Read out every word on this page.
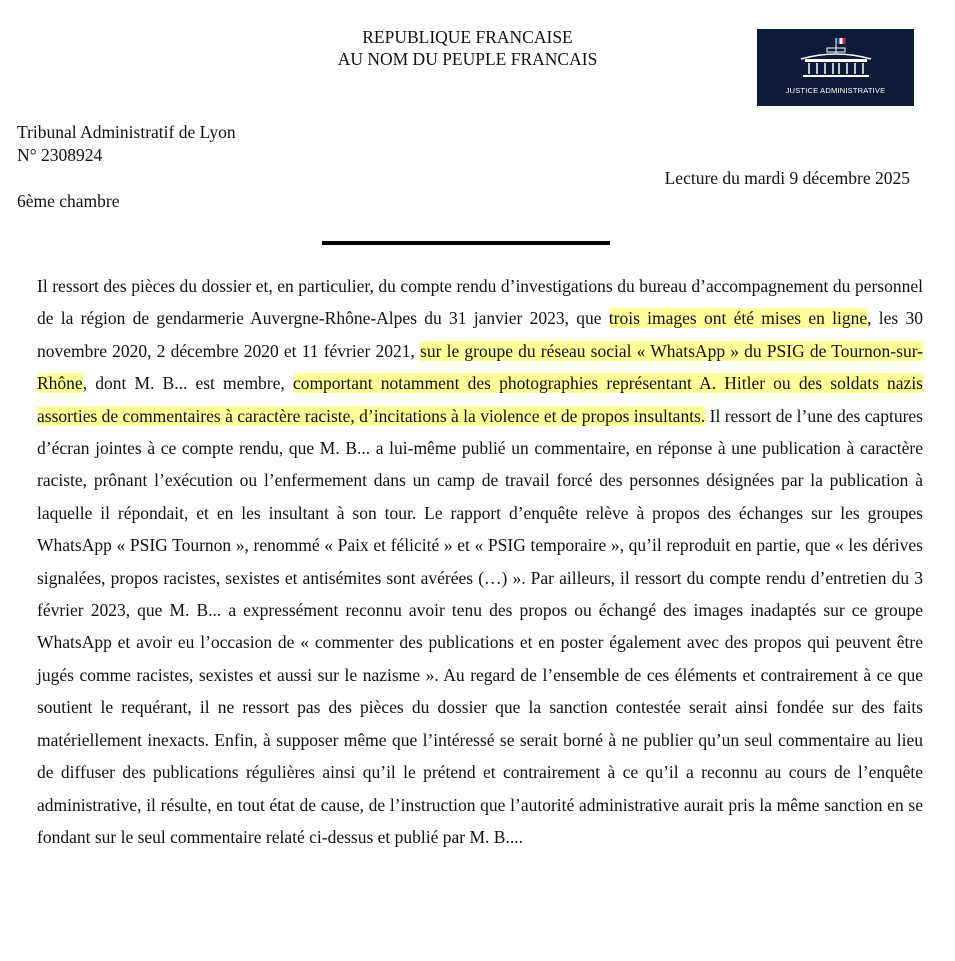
REPUBLIQUE FRANCAISE
AU NOM DU PEUPLE FRANCAIS
JUSTICE ADMINISTRATIVE
Tribunal Administratif de Lyon
N° 2308924
Lecture du mardi 9 décembre 2025
6ème chambre
Il ressort des pièces du dossier et, en particulier, du compte rendu d’investigations du bureau d’accompagnement du personnel de la région de gendarmerie Auvergne-Rhône-Alpes du 31 janvier 2023, que trois images ont été mises en ligne, les 30 novembre 2020, 2 décembre 2020 et 11 février 2021, sur le groupe du réseau social « WhatsApp » du PSIG de Tournon-sur-Rhône, dont M. B... est membre, comportant notamment des photographies représentant A. Hitler ou des soldats nazis assorties de commentaires à caractère raciste, d’incitations à la violence et de propos insultants. Il ressort de l’une des captures d’écran jointes à ce compte rendu, que M. B... a lui-même publié un commentaire, en réponse à une publication à caractère raciste, prônant l’exécution ou l’enfermement dans un camp de travail forcé des personnes désignées par la publication à laquelle il répondait, et en les insultant à son tour. Le rapport d’enquête relève à propos des échanges sur les groupes WhatsApp « PSIG Tournon », renommé « Paix et félicité » et « PSIG temporaire », qu’il reproduit en partie, que « les dérives signalées, propos racistes, sexistes et antisémites sont avérées (…) ». Par ailleurs, il ressort du compte rendu d’entretien du 3 février 2023, que M. B... a expressément reconnu avoir tenu des propos ou échangé des images inadaptés sur ce groupe WhatsApp et avoir eu l’occasion de « commenter des publications et en poster également avec des propos qui peuvent être jugés comme racistes, sexistes et aussi sur le nazisme ». Au regard de l’ensemble de ces éléments et contrairement à ce que soutient le requérant, il ne ressort pas des pièces du dossier que la sanction contestée serait ainsi fondée sur des faits matériellement inexacts. Enfin, à supposer même que l’intéressé se serait borné à ne publier qu’un seul commentaire au lieu de diffuser des publications régulières ainsi qu’il le prétend et contrairement à ce qu’il a reconnu au cours de l’enquête administrative, il résulte, en tout état de cause, de l’instruction que l’autorité administrative aurait pris la même sanction en se fondant sur le seul commentaire relaté ci-dessus et publié par M. B....
